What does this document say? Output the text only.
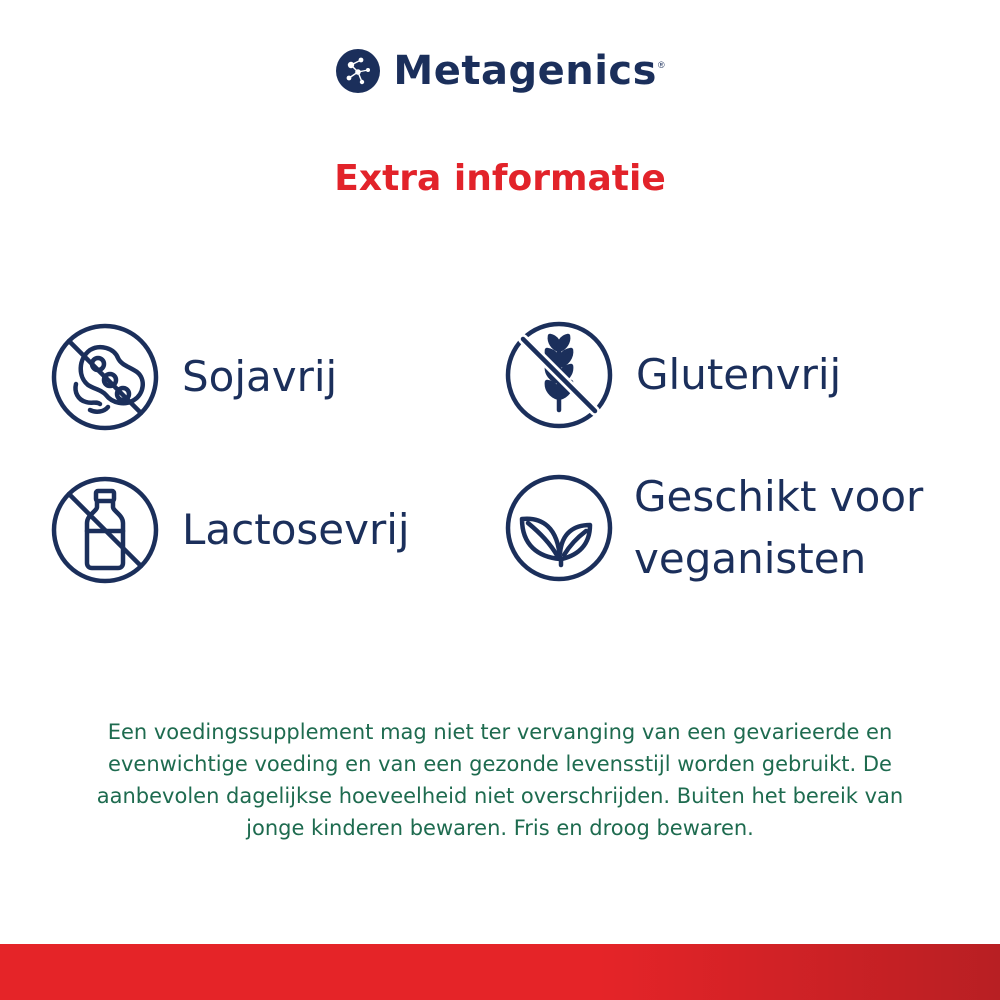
Metagenics ®
Extra informatie
Sojavrij	Glutenvrij
Lactosevrij
Geschikt voor
veganisten
Een voedingssupplement mag niet ter vervanging van een gevarieerde en evenwichtige voeding en van een gezonde levensstijl worden gebruikt. De aanbevolen dagelijkse hoeveelheid niet overschrijden. Buiten het bereik van jonge kinderen bewaren. Fris en droog bewaren.
